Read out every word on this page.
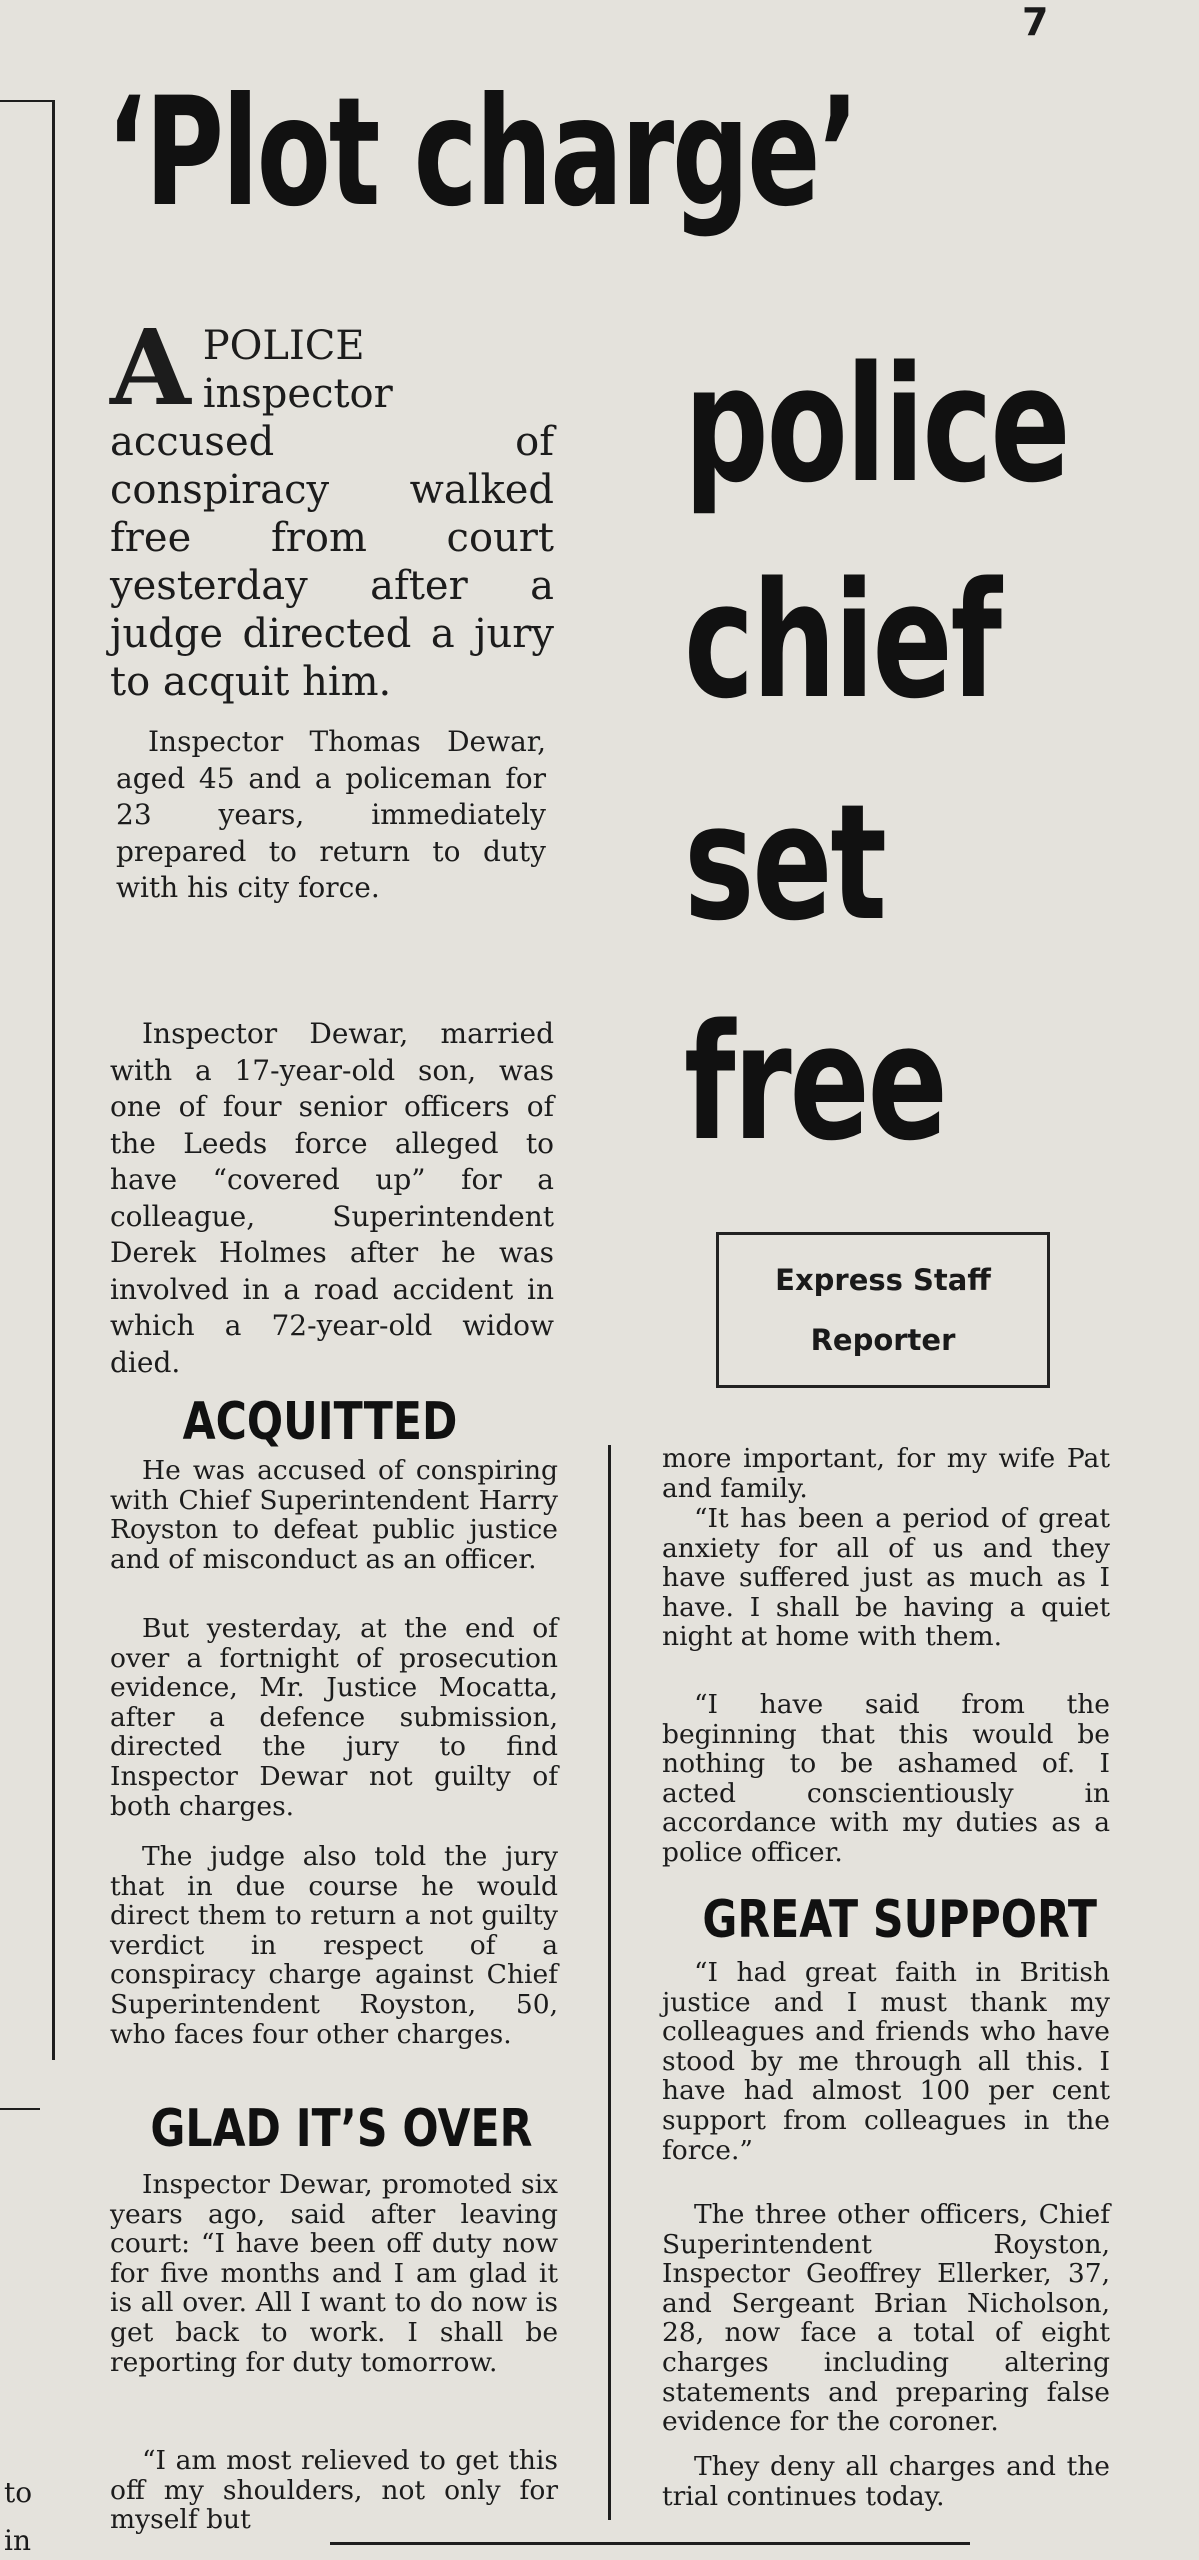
7
to
in
‘Plot charge’
police
chief
set
free
Express Staff
Reporter

APOLICE inspector accused of conspiracy walked free from court yesterday after a judge directed a jury to acquit him.

Inspector Thomas Dewar, aged 45 and a policeman for 23 years, immediately prepared to return to duty with his city force.

Inspector Dewar, married with a 17-year-old son, was one of four senior officers of the Leeds force alleged to have “covered up” for a colleague, Superintendent Derek Holmes after he was involved in a road accident in which a 72-year-old widow died.

ACQUITTED

He was accused of conspiring with Chief Superintendent Harry Royston to defeat public justice and of misconduct as an officer.

But yesterday, at the end of over a fortnight of prosecution evidence, Mr. Justice Mocatta, after a defence submission, directed the jury to find Inspector Dewar not guilty of both charges.

The judge also told the jury that in due course he would direct them to return a not guilty verdict in respect of a conspiracy charge against Chief Superintendent Royston, 50, who faces four other charges.

GLAD IT’S OVER

Inspector Dewar, promoted six years ago, said after leaving court: “I have been off duty now for five months and I am glad it is all over. All I want to do now is get back to work. I shall be reporting for duty tomorrow.

“I am most relieved to get this off my shoulders, not only for myself but

more important, for my wife Pat and family.

“It has been a period of great anxiety for all of us and they have suffered just as much as I have. I shall be having a quiet night at home with them.

“I have said from the beginning that this would be nothing to be ashamed of. I acted conscientiously in accordance with my duties as a police officer.

GREAT SUPPORT

“I had great faith in British justice and I must thank my colleagues and friends who have stood by me through all this. I have had almost 100 per cent support from colleagues in the force.”

The three other officers, Chief Superintendent Royston, Inspector Geoffrey Ellerker, 37, and Sergeant Brian Nicholson, 28, now face a total of eight charges including altering statements and preparing false evidence for the coroner.

They deny all charges and the trial continues today.
